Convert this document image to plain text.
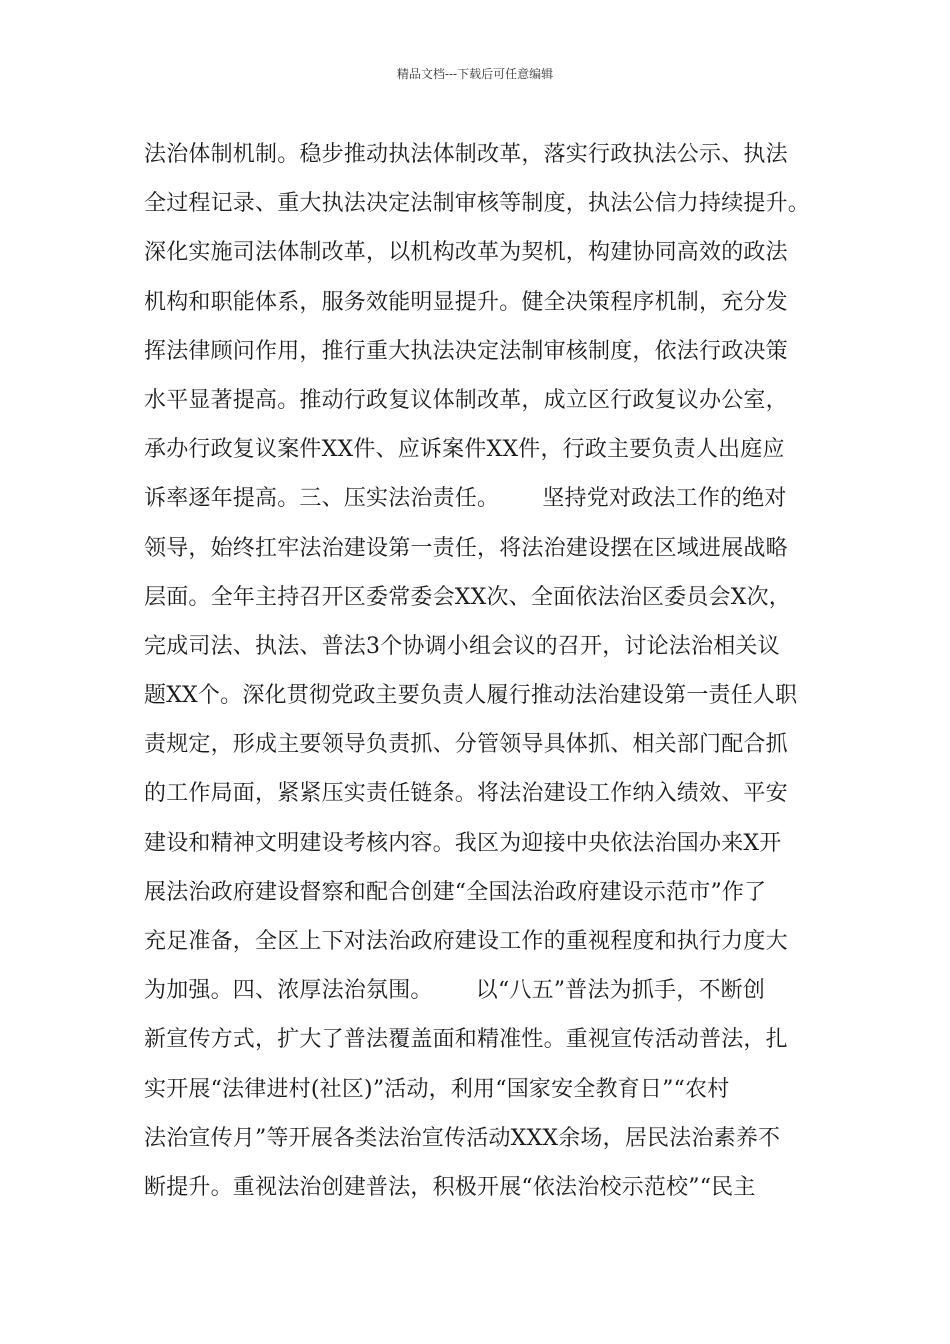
精品文档---下载后可任意编辑
法治体制机制。稳步推动执法体制改革，落实行政执法公示、执法
全过程记录、重大执法决定法制审核等制度，执法公信力持续提升。
深化实施司法体制改革，以机构改革为契机，构建协同高效的政法
机构和职能体系，服务效能明显提升。健全决策程序机制，充分发
挥法律顾问作用，推行重大执法决定法制审核制度，依法行政决策
水平显著提高。推动行政复议体制改革，成立区行政复议办公室，
承办行政复议案件XX件、应诉案件XX件，行政主要负责人出庭应
诉率逐年提高。三、压实法治责任。      坚持党对政法工作的绝对
领导，始终扛牢法治建设第一责任，将法治建设摆在区域进展战略
层面。全年主持召开区委常委会XX次、全面依法治区委员会X次，
完成司法、执法、普法3个协调小组会议的召开，讨论法治相关议
题XX个。深化贯彻党政主要负责人履行推动法治建设第一责任人职
责规定，形成主要领导负责抓、分管领导具体抓、相关部门配合抓
的工作局面，紧紧压实责任链条。将法治建设工作纳入绩效、平安
建设和精神文明建设考核内容。我区为迎接中央依法治国办来X开
展法治政府建设督察和配合创建“全国法治政府建设示范市”作了
充足准备，全区上下对法治政府建设工作的重视程度和执行力度大
为加强。四、浓厚法治氛围。      以“八五”普法为抓手，不断创
新宣传方式，扩大了普法覆盖面和精准性。重视宣传活动普法，扎
实开展“法律进村(社区)”活动，利用“国家安全教育日”“农村
法治宣传月”等开展各类法治宣传活动XXX余场，居民法治素养不
断提升。重视法治创建普法，积极开展“依法治校示范校”“民主
